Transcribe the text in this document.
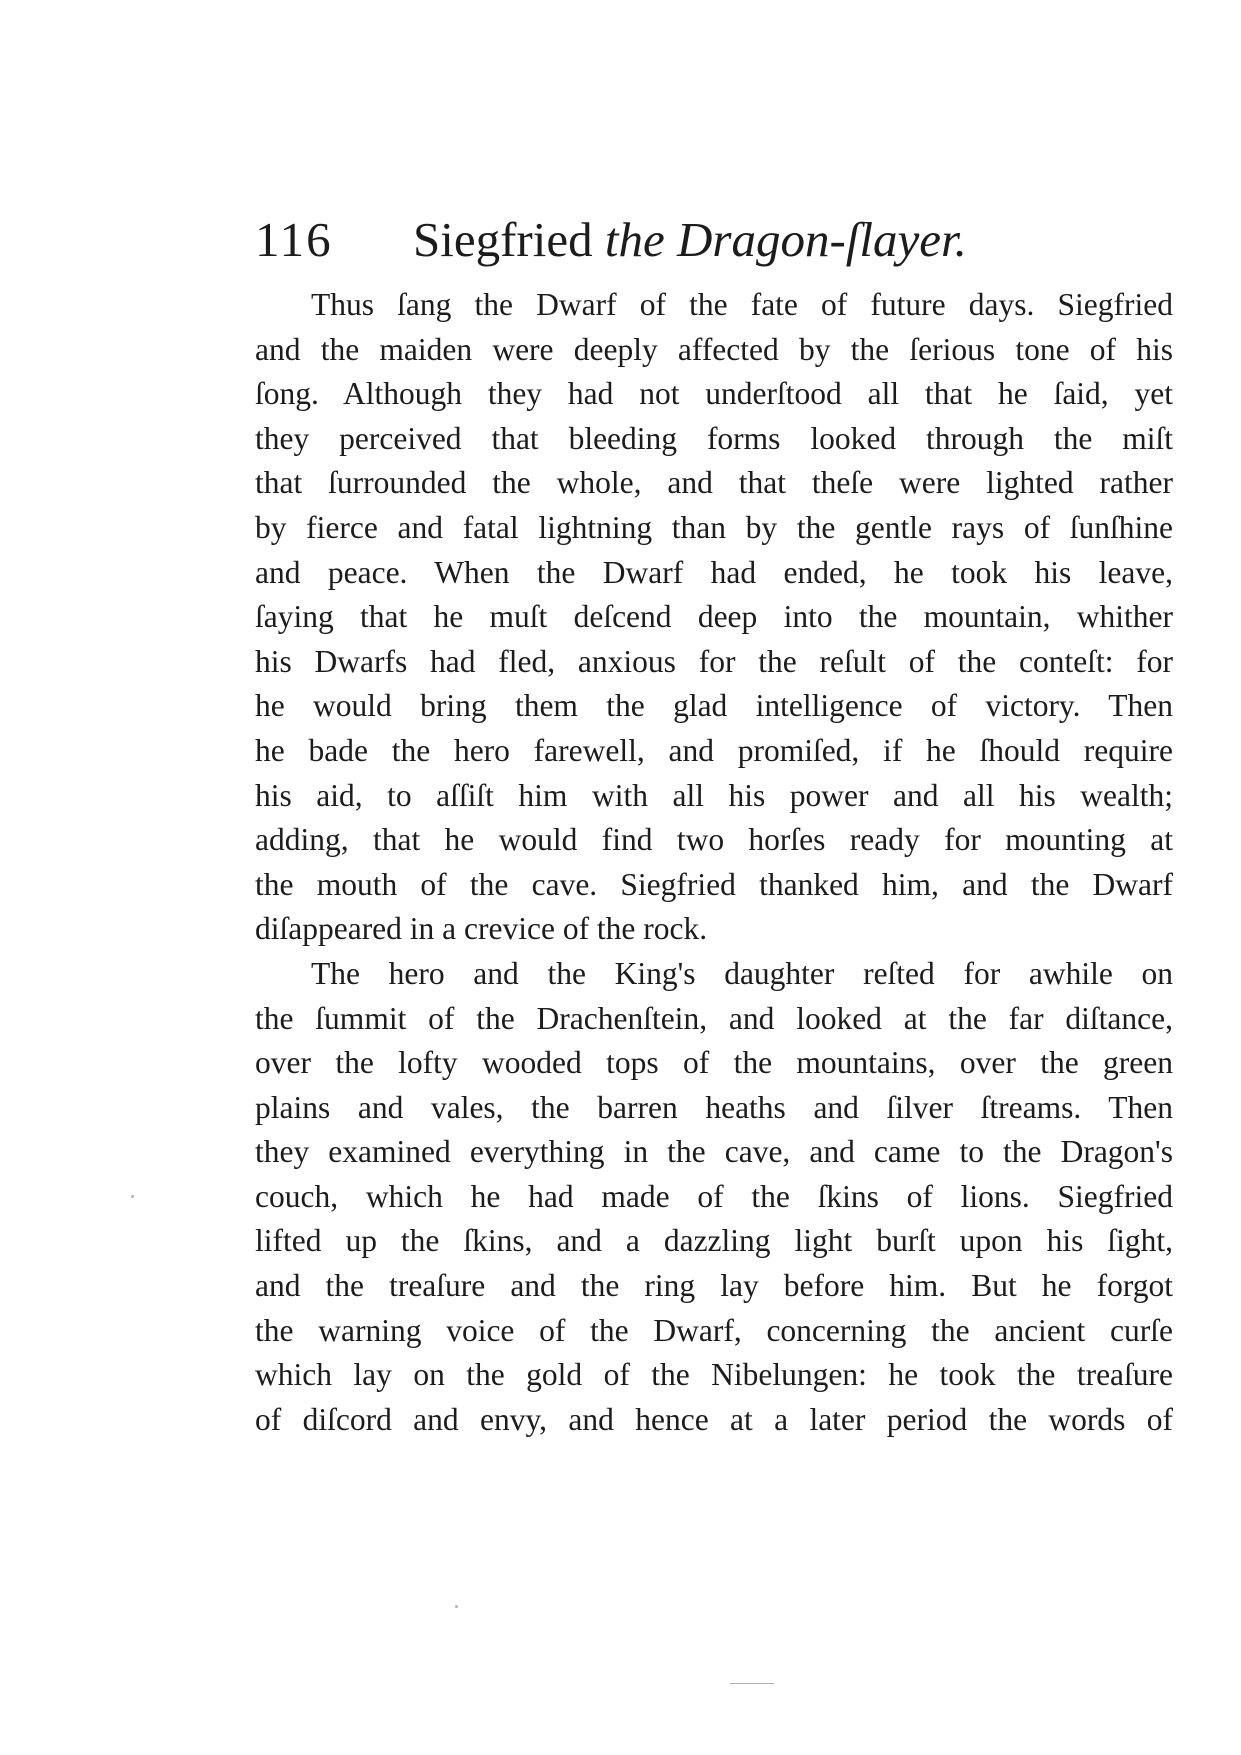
116 Siegfried the Dragon-ſlayer.
Thus ſang the Dwarf of the fate of future days. Siegfried
and the maiden were deeply affected by the ſerious tone of his
ſong. Although they had not underſtood all that he ſaid, yet
they perceived that bleeding forms looked through the miſt
that ſurrounded the whole, and that theſe were lighted rather
by fierce and fatal lightning than by the gentle rays of ſunſhine
and peace. When the Dwarf had ended, he took his leave,
ſaying that he muſt deſcend deep into the mountain, whither
his Dwarfs had fled, anxious for the reſult of the conteſt: for
he would bring them the glad intelligence of victory. Then
he bade the hero farewell, and promiſed, if he ſhould require
his aid, to aſſiſt him with all his power and all his wealth;
adding, that he would find two horſes ready for mounting at
the mouth of the cave. Siegfried thanked him, and the Dwarf
diſappeared in a crevice of the rock.
The hero and the King's daughter reſted for awhile on
the ſummit of the Drachenſtein, and looked at the far diſtance,
over the lofty wooded tops of the mountains, over the green
plains and vales, the barren heaths and ſilver ſtreams. Then
they examined everything in the cave, and came to the Dragon's
couch, which he had made of the ſkins of lions. Siegfried
lifted up the ſkins, and a dazzling light burſt upon his ſight,
and the treaſure and the ring lay before him. But he forgot
the warning voice of the Dwarf, concerning the ancient curſe
which lay on the gold of the Nibelungen: he took the treaſure
of diſcord and envy, and hence at a later period the words of
